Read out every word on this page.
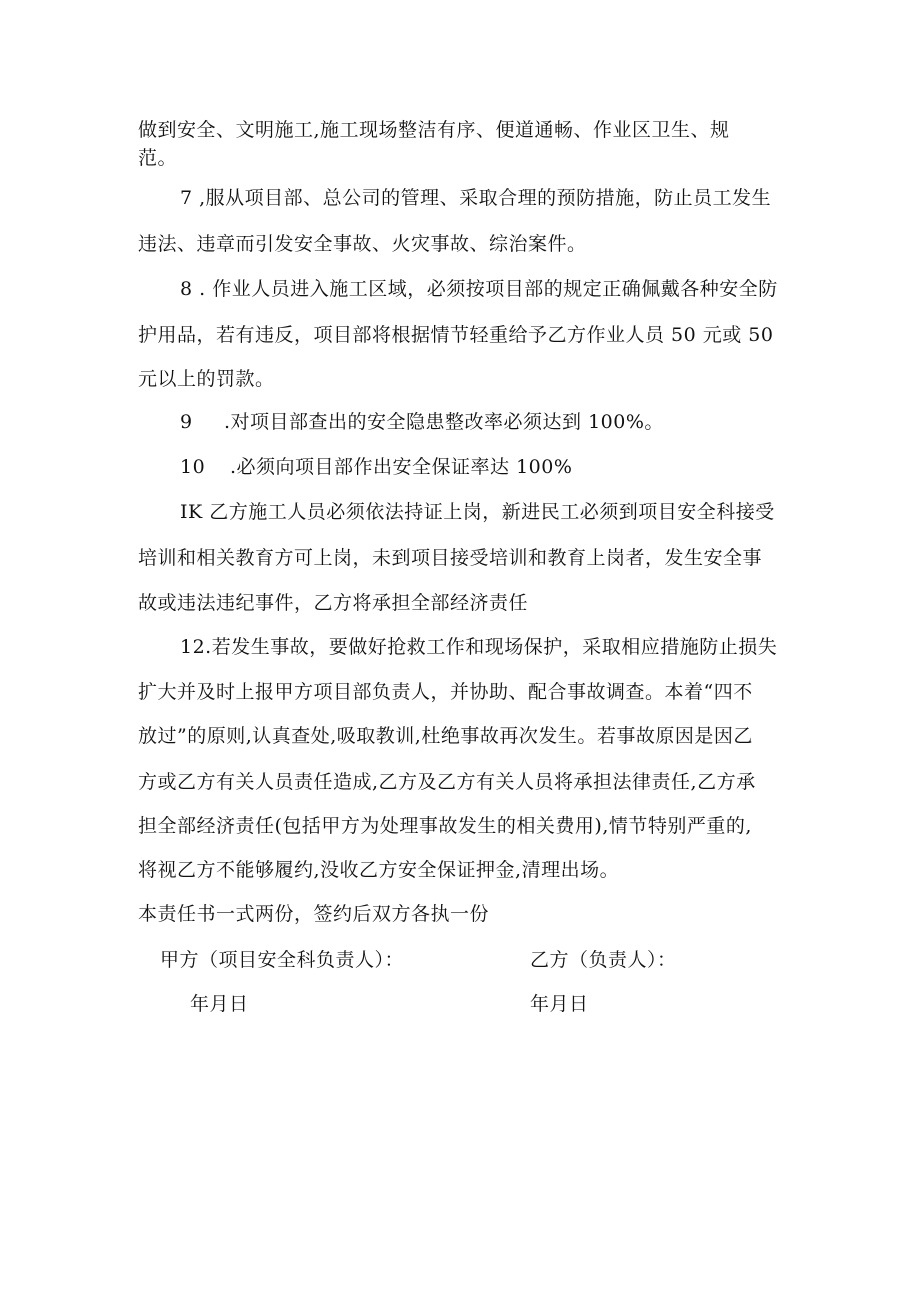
做到安全、文明施工,施工现场整洁有序、便道通畅、作业区卫生、规
范。
7 ,服从项目部、总公司的管理、采取合理的预防措施，防止员工发生
违法、违章而引发安全事故、火灾事故、综治案件。
8 . 作业人员进入施工区域，必须按项目部的规定正确佩戴各种安全防
护用品，若有违反，项目部将根据情节轻重给予乙方作业人员 50 元或 50
元以上的罚款。
9 .对项目部查出的安全隐患整改率必须达到 100%。
10 .必须向项目部作出安全保证率达 100%
IK 乙方施工人员必须依法持证上岗，新进民工必须到项目安全科接受
培训和相关教育方可上岗，未到项目接受培训和教育上岗者，发生安全事
故或违法违纪事件，乙方将承担全部经济责任
12.若发生事故，要做好抢救工作和现场保护，采取相应措施防止损失
扩大并及时上报甲方项目部负责人，并协助、配合事故调查。本着“四不
放过”的原则,认真查处,吸取教训,杜绝事故再次发生。若事故原因是因乙
方或乙方有关人员责任造成,乙方及乙方有关人员将承担法律责任,乙方承
担全部经济责任(包括甲方为处理事故发生的相关费用),情节特别严重的,
将视乙方不能够履约,没收乙方安全保证押金,清理出场。
本责任书一式两份，签约后双方各执一份
甲方（项目安全科负责人）：	乙方（负责人）：
年月日	年月日
